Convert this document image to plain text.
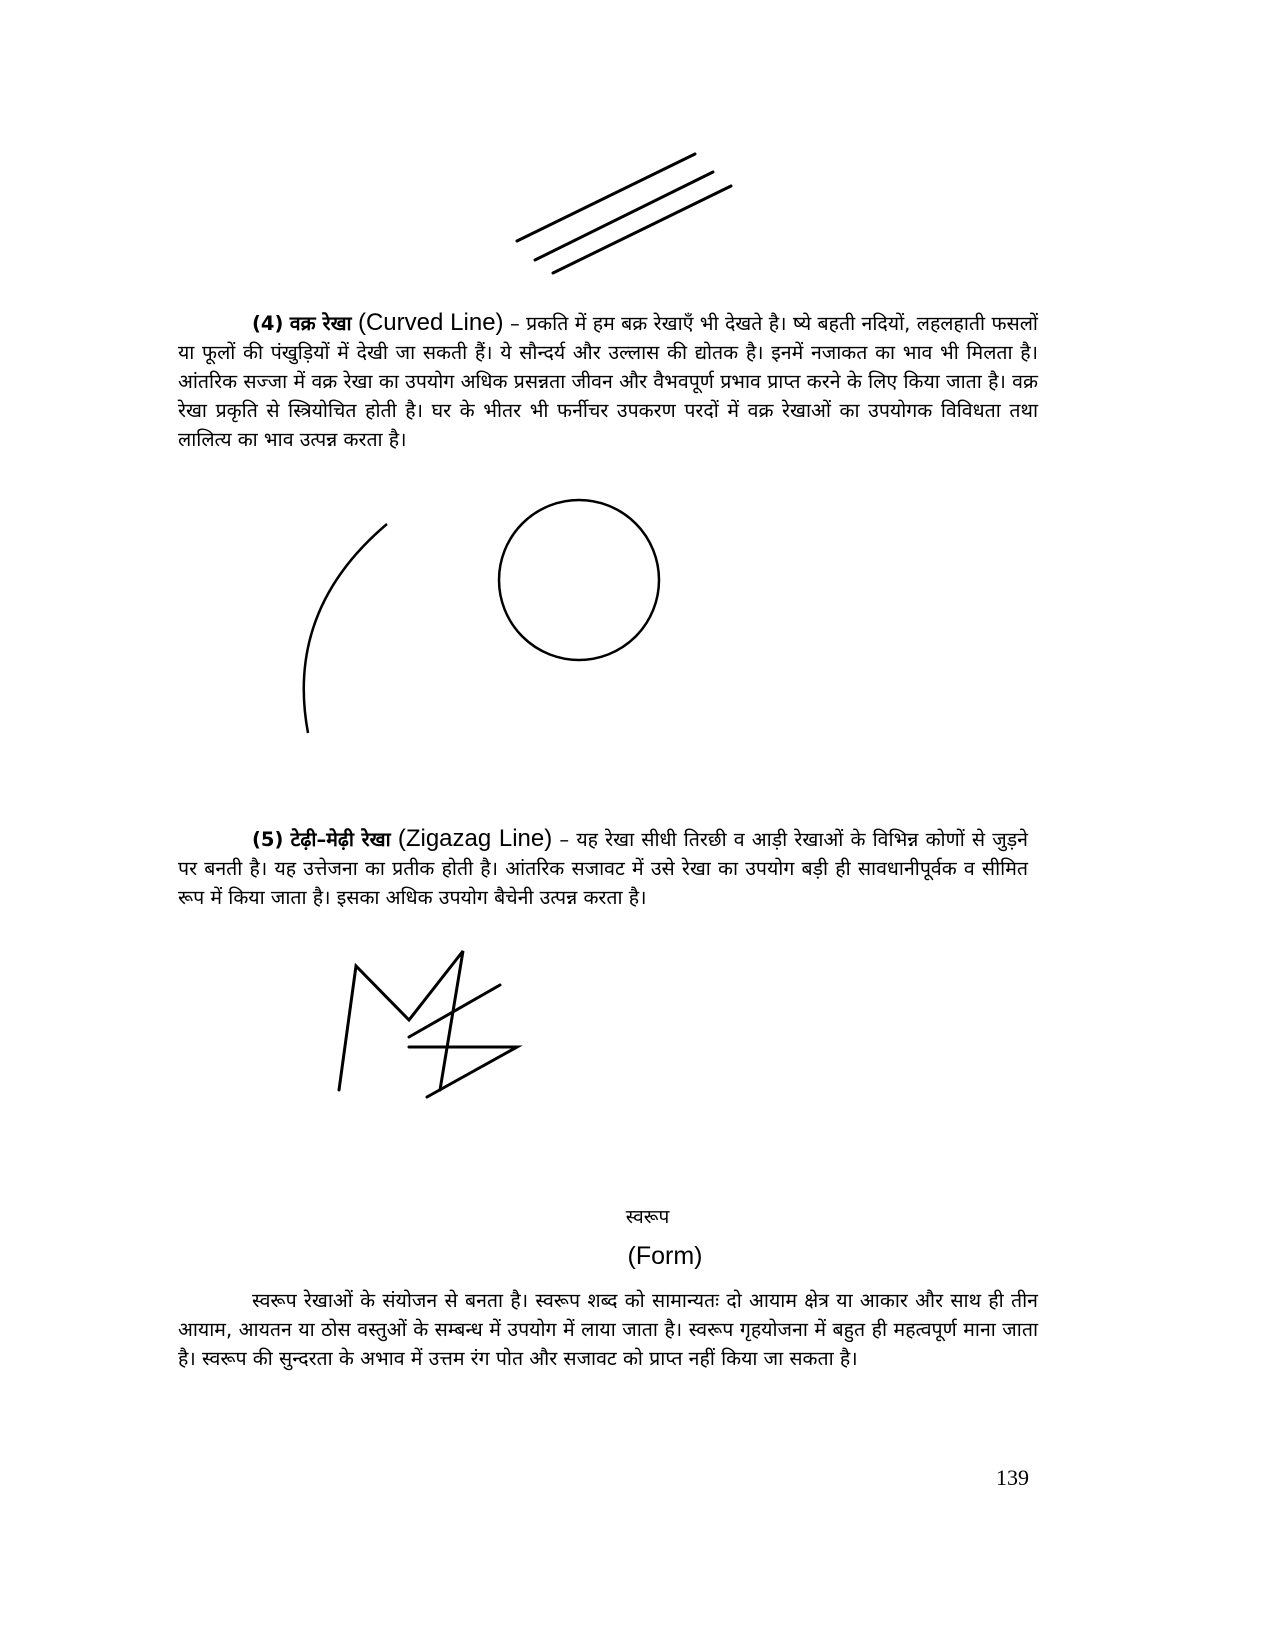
(4) वक्र रेखा (Curved Line) – प्रकति में हम बक्र रेखाएँ भी देखते है। ष्ये बहती नदियों, लहलहाती फसलों या फूलों की पंखुड़ियों में देखी जा सकती हैं। ये सौन्दर्य और उल्लास की द्योतक है। इनमें नजाकत का भाव भी मिलता है। आंतरिक सज्जा में वक्र रेखा का उपयोग अधिक प्रसन्नता जीवन और वैभवपूर्ण प्रभाव प्राप्त करने के लिए किया जाता है। वक्र रेखा प्रकृति से स्त्रियोचित होती है। घर के भीतर भी फर्नीचर उपकरण परदों में वक्र रेखाओं का उपयोगक विविधता तथा लालित्य का भाव उत्पन्न करता है।

(5) टेढ़ी–मेढ़ी रेखा (Zigazag Line) – यह रेखा सीधी तिरछी व आड़ी रेखाओं के विभिन्न कोणों से जुड़ने पर बनती है। यह उत्तेजना का प्रतीक होती है। आंतरिक सजावट में उसे रेखा का उपयोग बड़ी ही सावधानीपूर्वक व सीमित रूप में किया जाता है। इसका अधिक उपयोग बैचेनी उत्पन्न करता है।

स्वरूप
(Form)

स्वरूप रेखाओं के संयोजन से बनता है। स्वरूप शब्द को सामान्यतः दो आयाम क्षेत्र या आकार और साथ ही तीन आयाम, आयतन या ठोस वस्तुओं के सम्बन्ध में उपयोग में लाया जाता है। स्वरूप गृहयोजना में बहुत ही महत्वपूर्ण माना जाता है। स्वरूप की सुन्दरता के अभाव में उत्तम रंग पोत और सजावट को प्राप्त नहीं किया जा सकता है।

139
